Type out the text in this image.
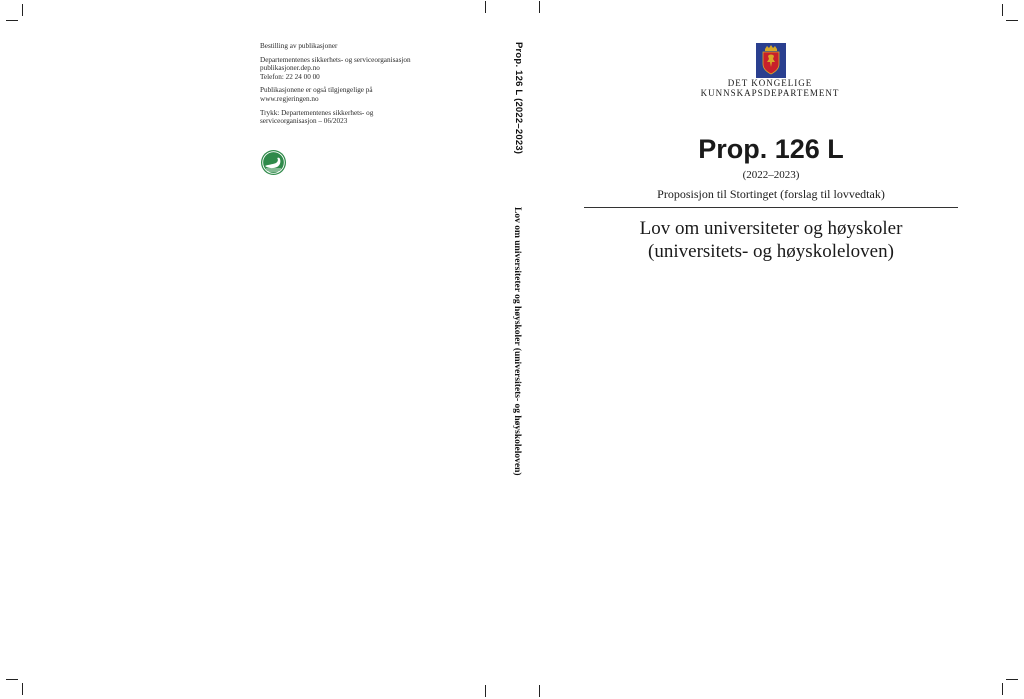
Bestilling av publikasjoner

Departementenes sikkerhets- og serviceorganisasjon
publikasjoner.dep.no
Telefon: 22 24 00 00

Publikasjonene er også tilgjengelige på
www.regjeringen.no

Trykk: Departementenes sikkerhets- og
serviceorganisasjon – 06/2023	Prop. 126 L (2022–2023)
Lov om universiteter og høyskoler (universitets- og høyskoleloven)
DET KONGELIGE
KUNNSKAPSDEPARTEMENT
Prop. 126 L
(2022–2023)
Proposisjon til Stortinget (forslag til lovvedtak)
Lov om universiteter og høyskoler
(universitets- og høyskoleloven)
